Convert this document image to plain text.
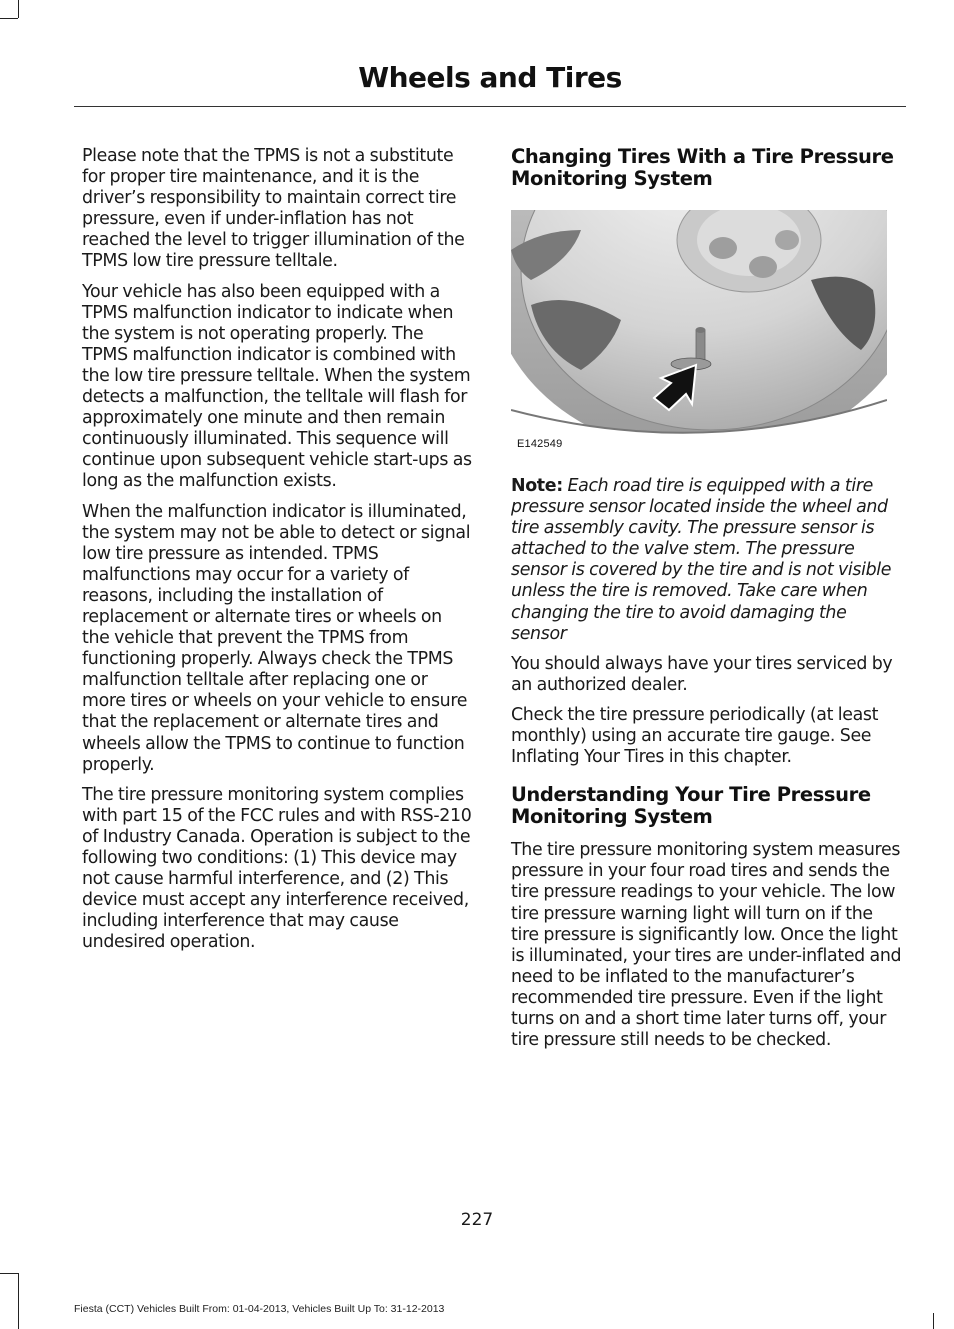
Wheels and Tires

Please note that the TPMS is not a substitute for proper tire maintenance, and it is the driver’s responsibility to maintain correct tire pressure, even if under-inflation has not reached the level to trigger illumination of the TPMS low tire pressure telltale.

Your vehicle has also been equipped with a TPMS malfunction indicator to indicate when the system is not operating properly. The TPMS malfunction indicator is combined with the low tire pressure telltale. When the system detects a malfunction, the telltale will flash for approximately one minute and then remain continuously illuminated. This sequence will continue upon subsequent vehicle start-ups as long as the malfunction exists.

When the malfunction indicator is illuminated, the system may not be able to detect or signal low tire pressure as intended. TPMS malfunctions may occur for a variety of reasons, including the installation of replacement or alternate tires or wheels on the vehicle that prevent the TPMS from functioning properly. Always check the TPMS malfunction telltale after replacing one or more tires or wheels on your vehicle to ensure that the replacement or alternate tires and wheels allow the TPMS to continue to function properly.

The tire pressure monitoring system complies with part 15 of the FCC rules and with RSS-210 of Industry Canada. Operation is subject to the following two conditions: (1) This device may not cause harmful interference, and (2) This device must accept any interference received, including interference that may cause undesired operation.

Changing Tires With a Tire Pressure Monitoring System
E142549

Note: Each road tire is equipped with a tire pressure sensor located inside the wheel and tire assembly cavity. The pressure sensor is attached to the valve stem. The pressure sensor is covered by the tire and is not visible unless the tire is removed. Take care when changing the tire to avoid damaging the sensor

You should always have your tires serviced by an authorized dealer.

Check the tire pressure periodically (at least monthly) using an accurate tire gauge. See Inflating Your Tires in this chapter.

Understanding Your Tire Pressure Monitoring System

The tire pressure monitoring system measures pressure in your four road tires and sends the tire pressure readings to your vehicle. The low tire pressure warning light will turn on if the tire pressure is significantly low. Once the light is illuminated, your tires are under-inflated and need to be inflated to the manufacturer’s recommended tire pressure. Even if the light turns on and a short time later turns off, your tire pressure still needs to be checked.

227
Fiesta (CCT) Vehicles Built From: 01-04-2013, Vehicles Built Up To: 31-12-2013
